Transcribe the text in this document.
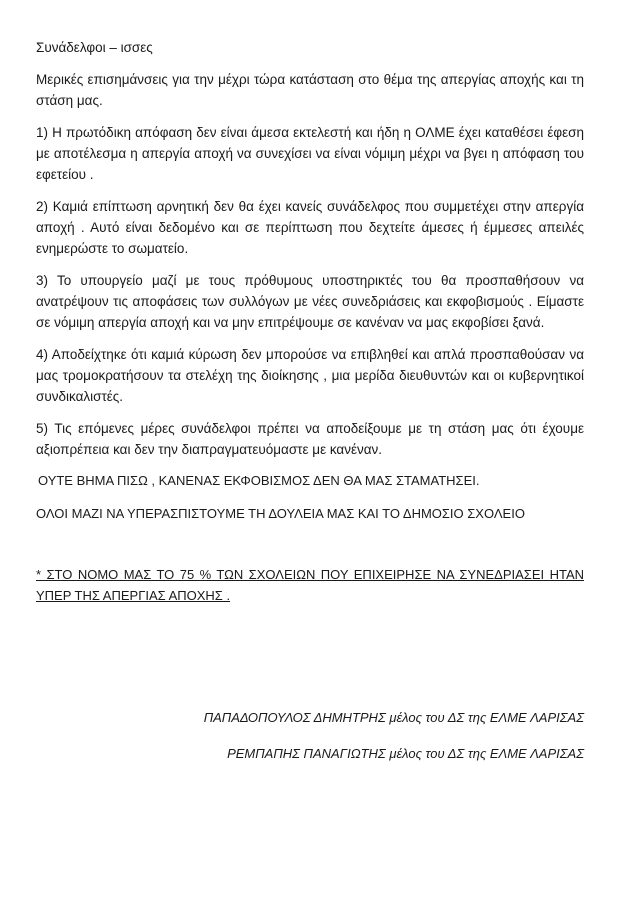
Συνάδελφοι – ισσες

Μερικές επισημάνσεις για την μέχρι τώρα κατάσταση στο θέμα της απεργίας αποχής και τη στάση μας.

1) Η πρωτόδικη απόφαση δεν είναι άμεσα εκτελεστή και ήδη η ΟΛΜΕ έχει καταθέσει έφεση με αποτέλεσμα η απεργία αποχή να συνεχίσει να είναι νόμιμη μέχρι να βγει η απόφαση του εφετείου .

2) Καμιά επίπτωση αρνητική δεν θα έχει κανείς συνάδελφος που συμμετέχει στην απεργία αποχή . Αυτό είναι δεδομένο και σε περίπτωση που δεχτείτε άμεσες ή έμμεσες απειλές ενημερώστε το σωματείο.

3) Το υπουργείο μαζί με τους πρόθυμους υποστηρικτές του θα προσπαθήσουν να ανατρέψουν τις αποφάσεις των συλλόγων με νέες συνεδριάσεις και εκφοβισμούς . Είμαστε σε νόμιμη απεργία αποχή και να μην επιτρέψουμε σε κανέναν να μας εκφοβίσει ξανά.

4) Αποδείχτηκε ότι καμιά κύρωση δεν μπορούσε να επιβληθεί και απλά προσπαθούσαν να μας τρομοκρατήσουν τα στελέχη της διοίκησης , μια μερίδα διευθυντών και οι κυβερνητικοί συνδικαλιστές.

5) Τις επόμενες μέρες συνάδελφοι πρέπει να αποδείξουμε με τη στάση μας ότι έχουμε αξιοπρέπεια και δεν την διαπραγματευόμαστε με κανέναν.

ΟΥΤΕ ΒΗΜΑ ΠΙΣΩ , ΚΑΝΕΝΑΣ ΕΚΦΟΒΙΣΜΟΣ ΔΕΝ ΘΑ ΜΑΣ ΣΤΑΜΑΤΗΣΕΙ.

ΟΛΟΙ ΜΑΖΙ ΝΑ ΥΠΕΡΑΣΠΙΣΤΟΥΜΕ ΤΗ ΔΟΥΛΕΙΑ ΜΑΣ ΚΑΙ ΤΟ ΔΗΜΟΣΙΟ ΣΧΟΛΕΙΟ

* ΣΤΟ ΝΟΜΟ ΜΑΣ ΤΟ 75 % ΤΩΝ ΣΧΟΛΕΙΩΝ ΠΟΥ ΕΠΙΧΕΙΡΗΣΕ ΝΑ ΣΥΝΕΔΡΙΑΣΕΙ ΗΤΑΝ ΥΠΕΡ ΤΗΣ ΑΠΕΡΓΙΑΣ ΑΠΟΧΗΣ .

ΠΑΠΑΔΟΠΟΥΛΟΣ ΔΗΜΗΤΡΗΣ μέλος του ΔΣ της ΕΛΜΕ ΛΑΡΙΣΑΣ
ΡΕΜΠΑΠΗΣ ΠΑΝΑΓΙΩΤΗΣ μέλος του ΔΣ της ΕΛΜΕ ΛΑΡΙΣΑΣ
